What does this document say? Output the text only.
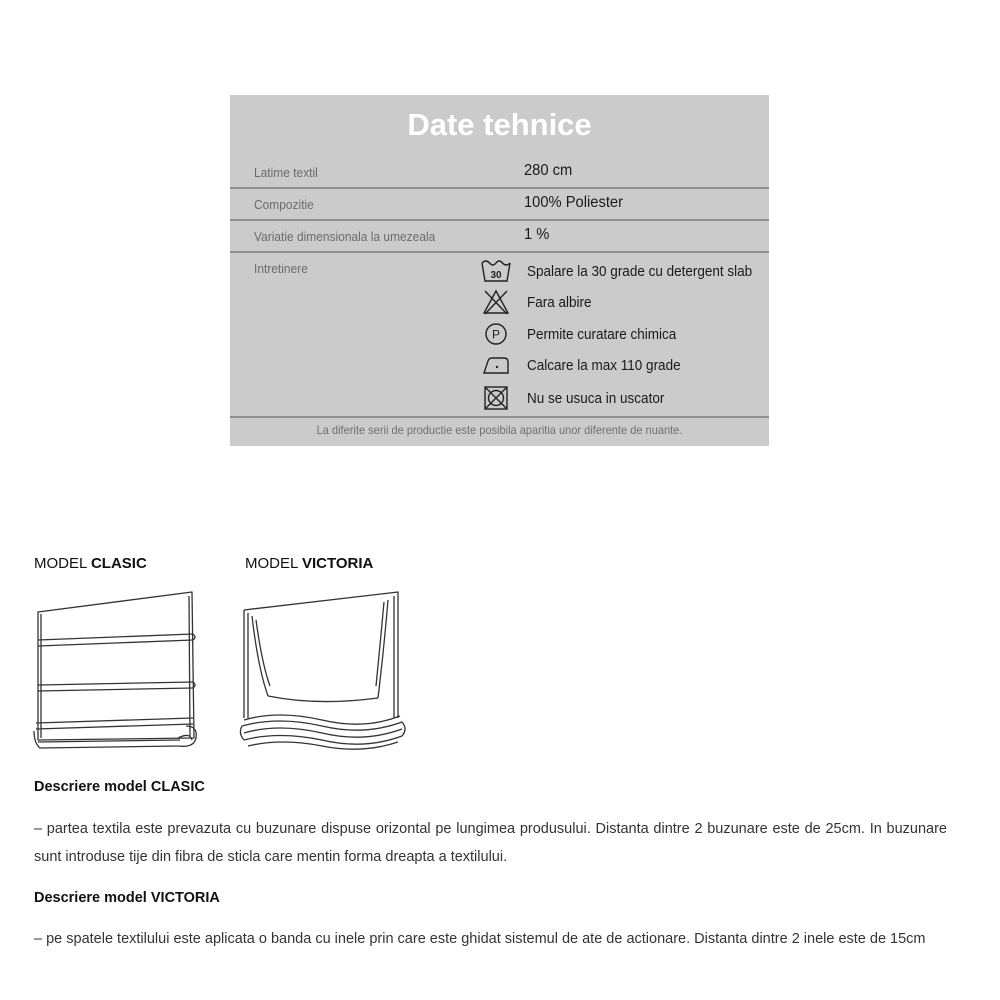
Date tehnice
Latime textil	280 cm
Compozitie	100% Poliester
Variatie dimensionala la umezeala	1 %
Intretinere	30 Spalare la 30 grade cu detergent slab
Fara albire
P Permite curatare chimica
Calcare la max 110 grade
Nu se usuca in uscator
La diferite serii de productie este posibila aparitia unor diferente de nuante.
MODEL CLASIC	MODEL VICTORIA
Descriere model CLASIC
– partea textila este prevazuta cu buzunare dispuse orizontal pe lungimea produsului. Distanta dintre 2 buzunare este de 25cm. In buzunare sunt introduse tije din fibra de sticla care mentin forma dreapta a textilului.
Descriere model VICTORIA
– pe spatele textilului este aplicata o banda cu inele prin care este ghidat sistemul de ate de actionare. Distanta dintre 2 inele este de 15cm
